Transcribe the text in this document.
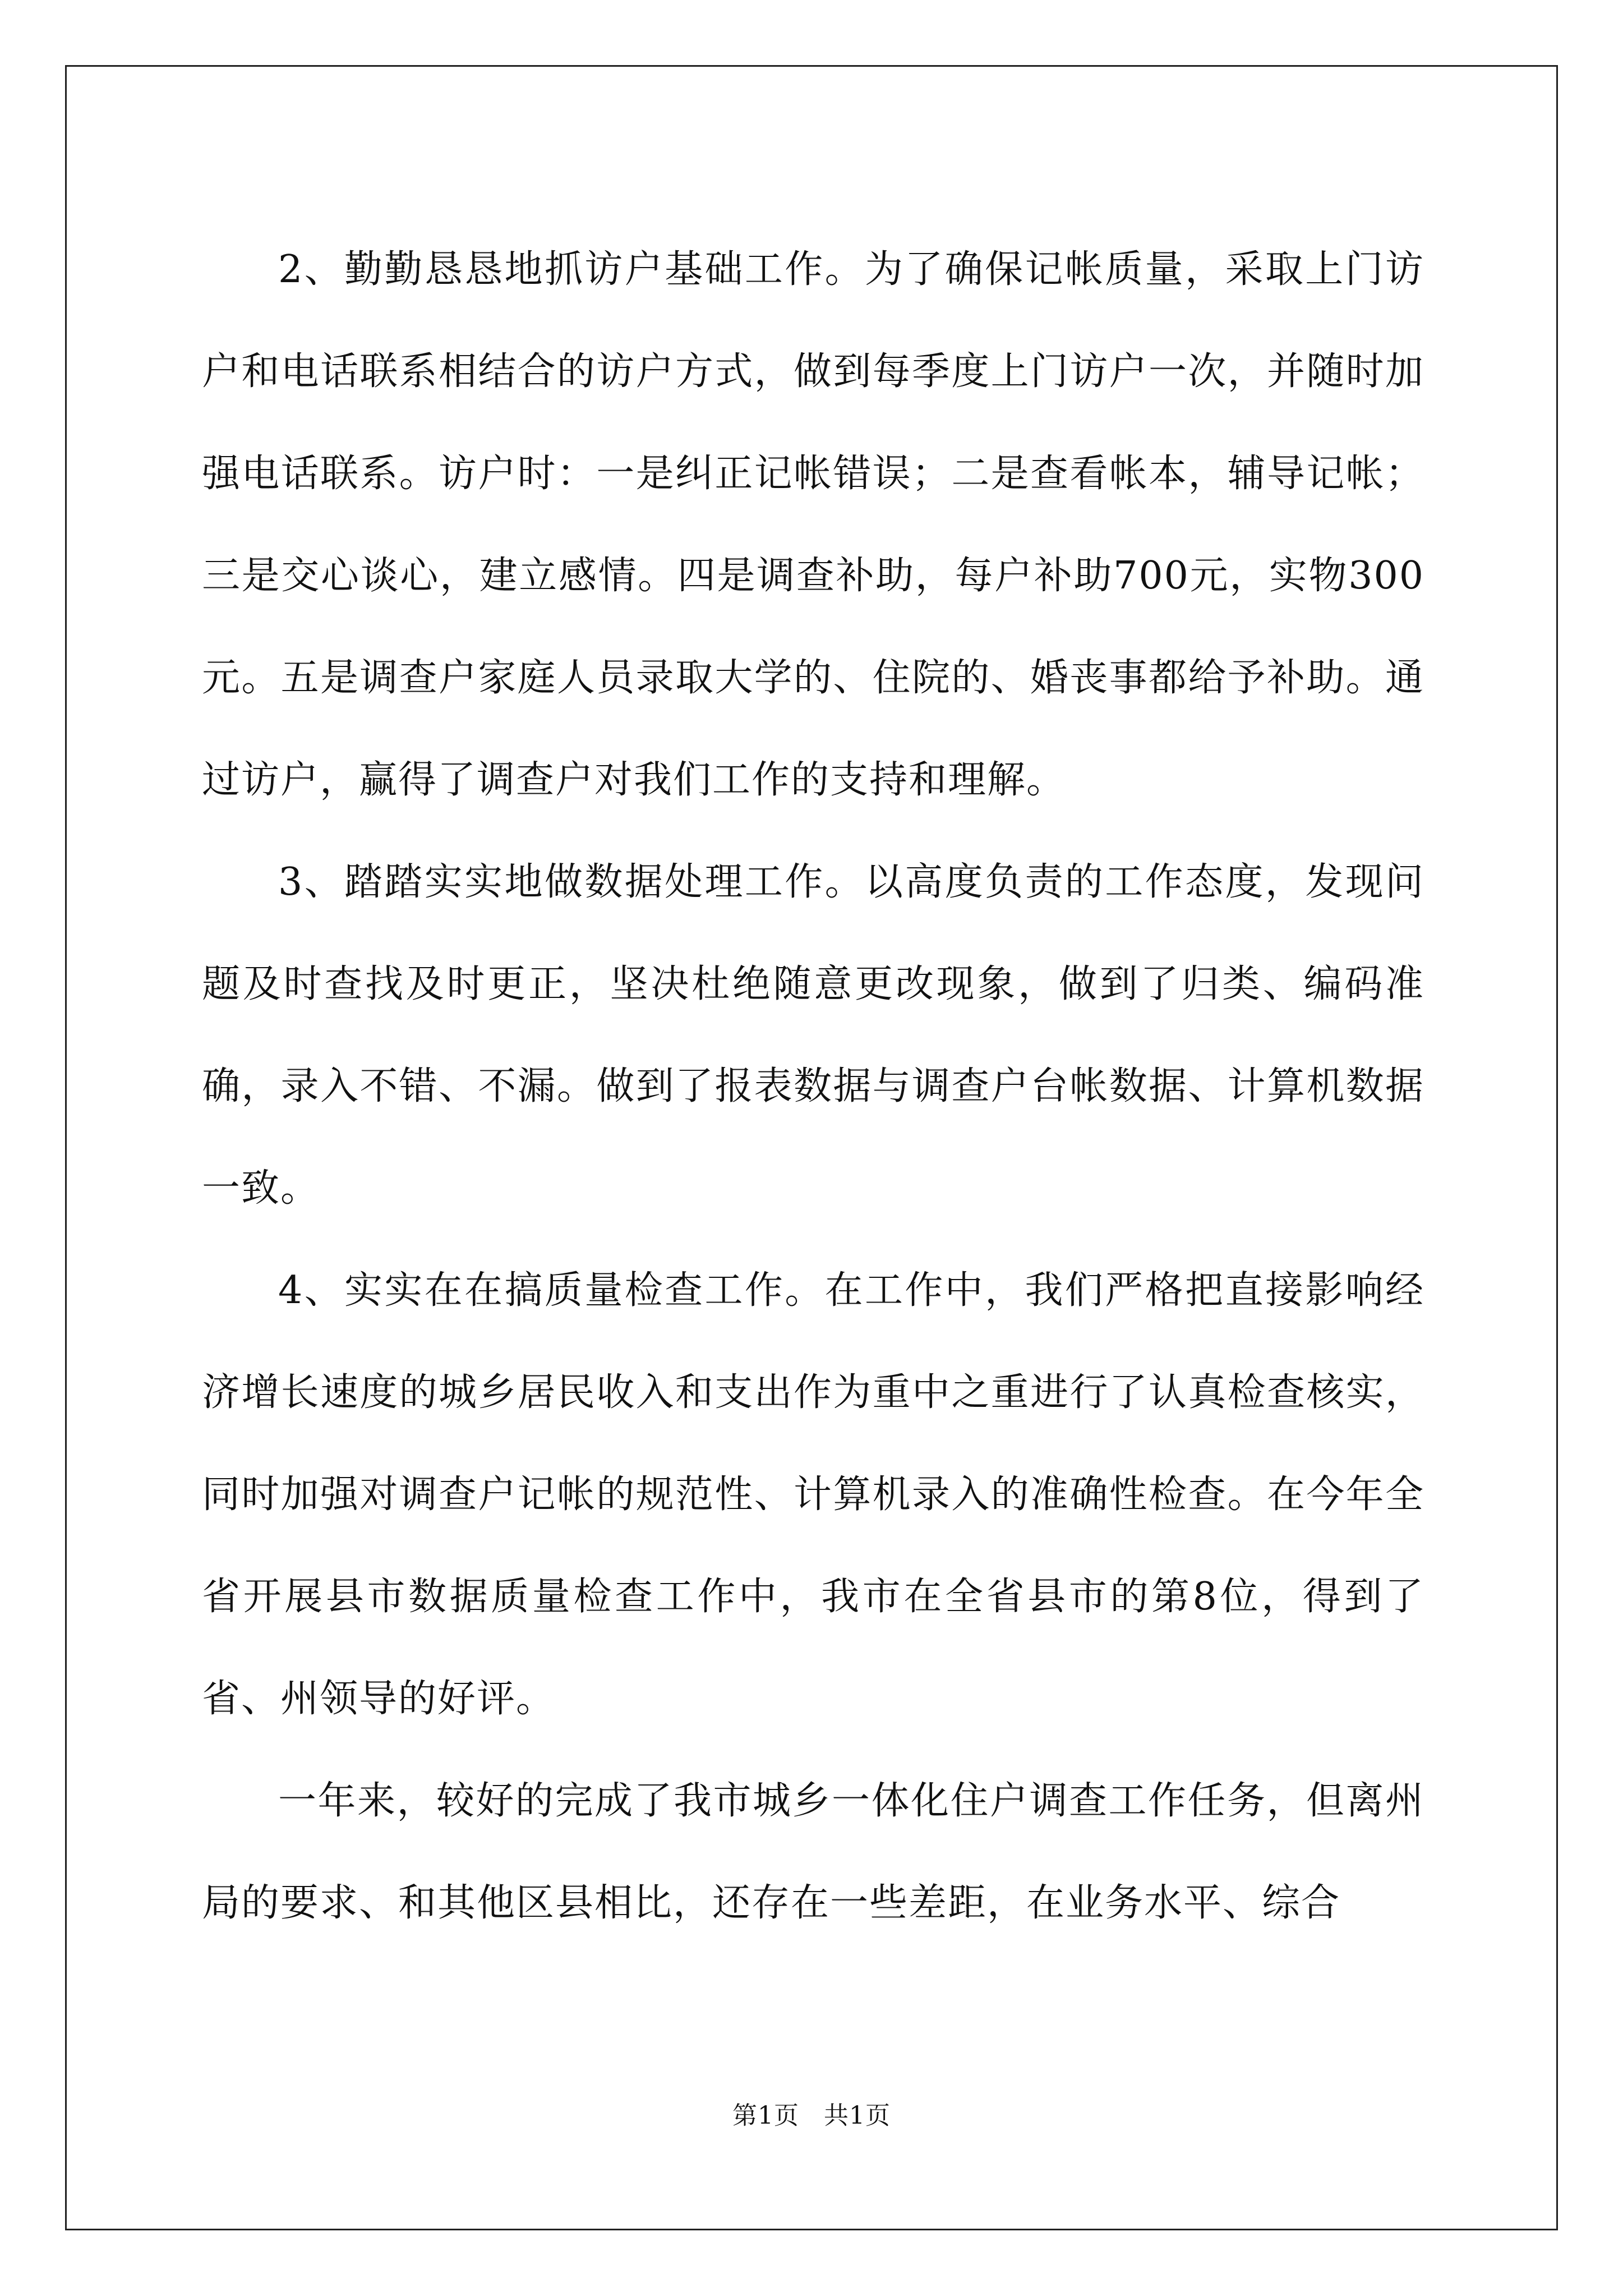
2、勤勤恳恳地抓访户基础工作。为了确保记帐质量，采取上门访户和电话联系相结合的访户方式，做到每季度上门访户一次，并随时加强电话联系。访户时：一是纠正记帐错误；二是查看帐本，辅导记帐；三是交心谈心，建立感情。四是调查补助，每户补助700元，实物300元。五是调查户家庭人员录取大学的、住院的、婚丧事都给予补助。通过访户，赢得了调查户对我们工作的支持和理解。

3、踏踏实实地做数据处理工作。以高度负责的工作态度，发现问题及时查找及时更正，坚决杜绝随意更改现象，做到了归类、编码准确，录入不错、不漏。做到了报表数据与调查户台帐数据、计算机数据一致。

4、实实在在搞质量检查工作。在工作中，我们严格把直接影响经济增长速度的城乡居民收入和支出作为重中之重进行了认真检查核实，同时加强对调查户记帐的规范性、计算机录入的准确性检查。在今年全省开展县市数据质量检查工作中，我市在全省县市的第8位，得到了省、州领导的好评。

一年来，较好的完成了我市城乡一体化住户调查工作任务，但离州局的要求、和其他区县相比，还存在一些差距，在业务水平、综合

第1页 共1页
